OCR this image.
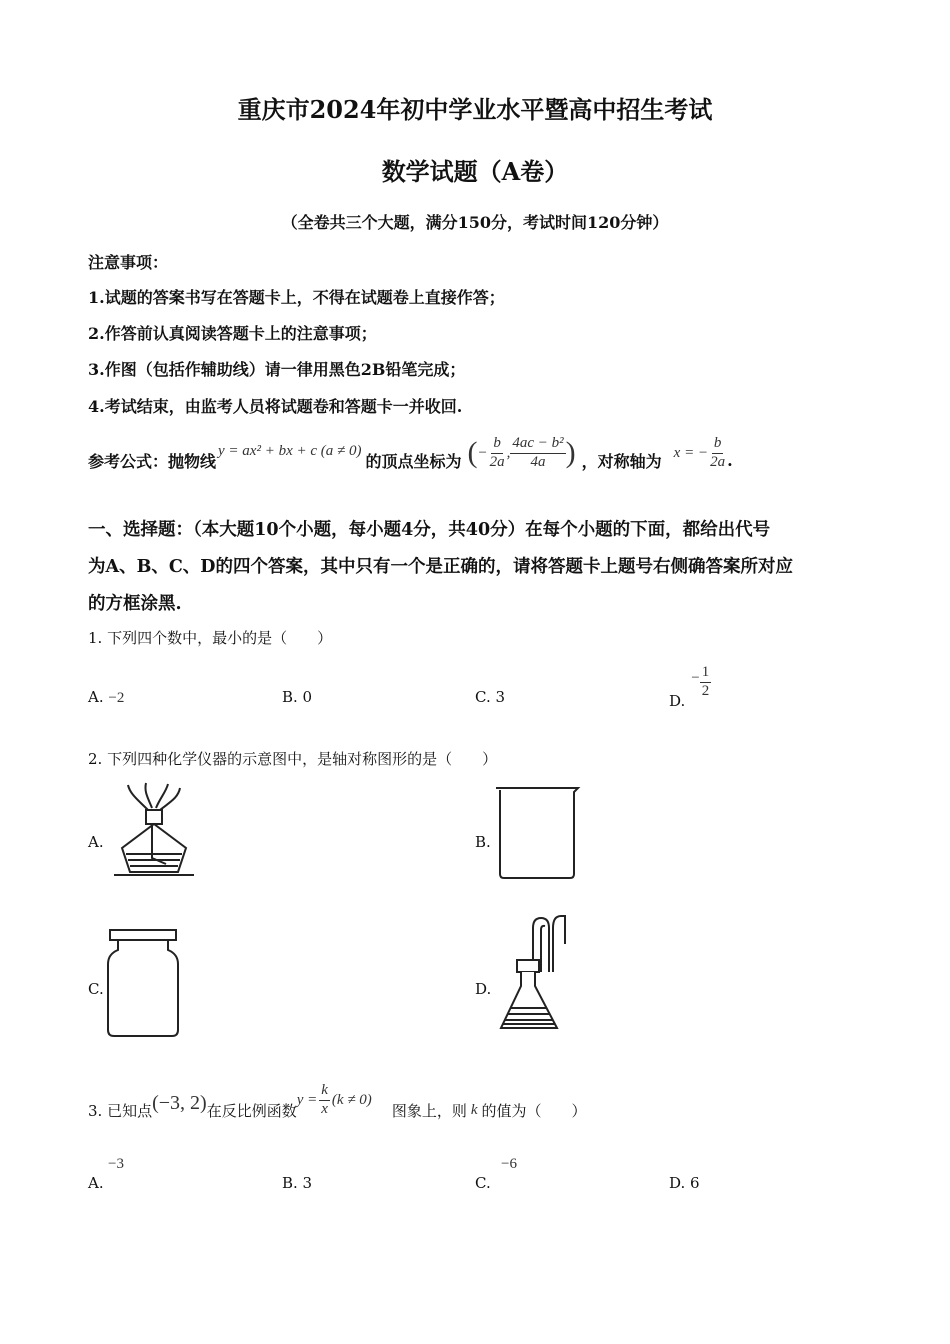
重庆市2024年初中学业水平暨高中招生考试
数学试题（A卷）
（全卷共三个大题，满分150分，考试时间120分钟）
注意事项：
1.试题的答案书写在答题卡上，不得在试题卷上直接作答；
2.作答前认真阅读答题卡上的注意事项；
3.作图（包括作辅助线）请一律用黑色2B铅笔完成；
4.考试结束，由监考人员将试题卷和答题卡一并收回.
参考公式：抛物线
y = ax² + bx + c (a ≠ 0)
的顶点坐标为 ( − $\frac{b}{2a}$ , $\frac{\text{4ac − b²}}{4a}$ ) ，对称轴为 x = − $\frac{b}{2a}$ .
一、选择题：（本大题10个小题，每小题4分，共40分）在每个小题的下面，都给出代号
为A、B、C、D的四个答案，其中只有一个是正确的，请将答题卡上题号右侧确答案所对应
的方框涂黑.
1. 下列四个数中，最小的是（　　）
A. −2	B. 0	C. 3	D.
− $\frac{1}{2}$
2. 下列四种化学仪器的示意图中，是轴对称图形的是（　　）
A.	B.
C.	D.
3. 已知点 (−3, 2) 在反比例函数
$y = \frac{k}{x} (k \ne 0)$
图象上，则 k 的值为（　　）
A.
−3
B. 3	C.
−6
D. 6
